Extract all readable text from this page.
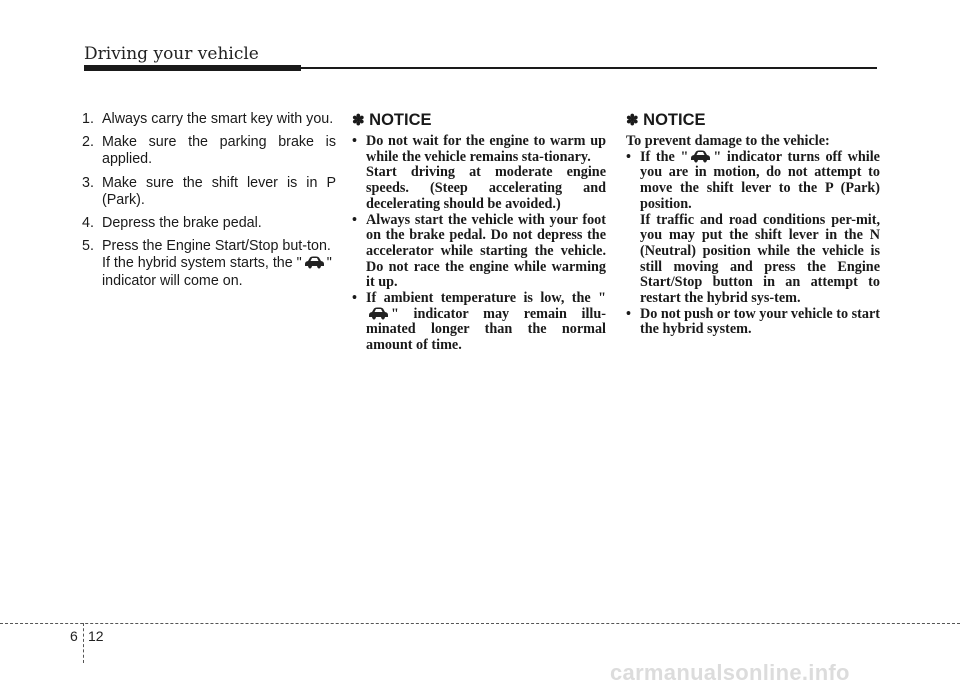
Driving your vehicle
1. Always carry the smart key with you.
2. Make sure the parking brake is applied.
3. Make sure the shift lever is in P (Park).
4. Depress the brake pedal.
5. Press the Engine Start/Stop but-ton. If the hybrid system starts, the " " indicator will come on.
✽ NOTICE
• Do not wait for the engine to warm up while the vehicle remains sta-tionary.
Start driving at moderate engine speeds. (Steep accelerating and decelerating should be avoided.)
• Always start the vehicle with your foot on the brake pedal. Do not depress the accelerator while starting the vehicle. Do not race the engine while warming it up.
• If ambient temperature is low, the "" indicator may remain illu-minated longer than the normal amount of time.
✽ NOTICE

To prevent damage to the vehicle:

• If the " " indicator turns off while you are in motion, do not attempt to move the shift lever to the P (Park) position.
If traffic and road conditions per-mit, you may put the shift lever in the N (Neutral) position while the vehicle is still moving and press the Engine Start/Stop button in an attempt to restart the hybrid sys-tem.
• Do not push or tow your vehicle to start the hybrid system.
6 12
carmanualsonline.info
